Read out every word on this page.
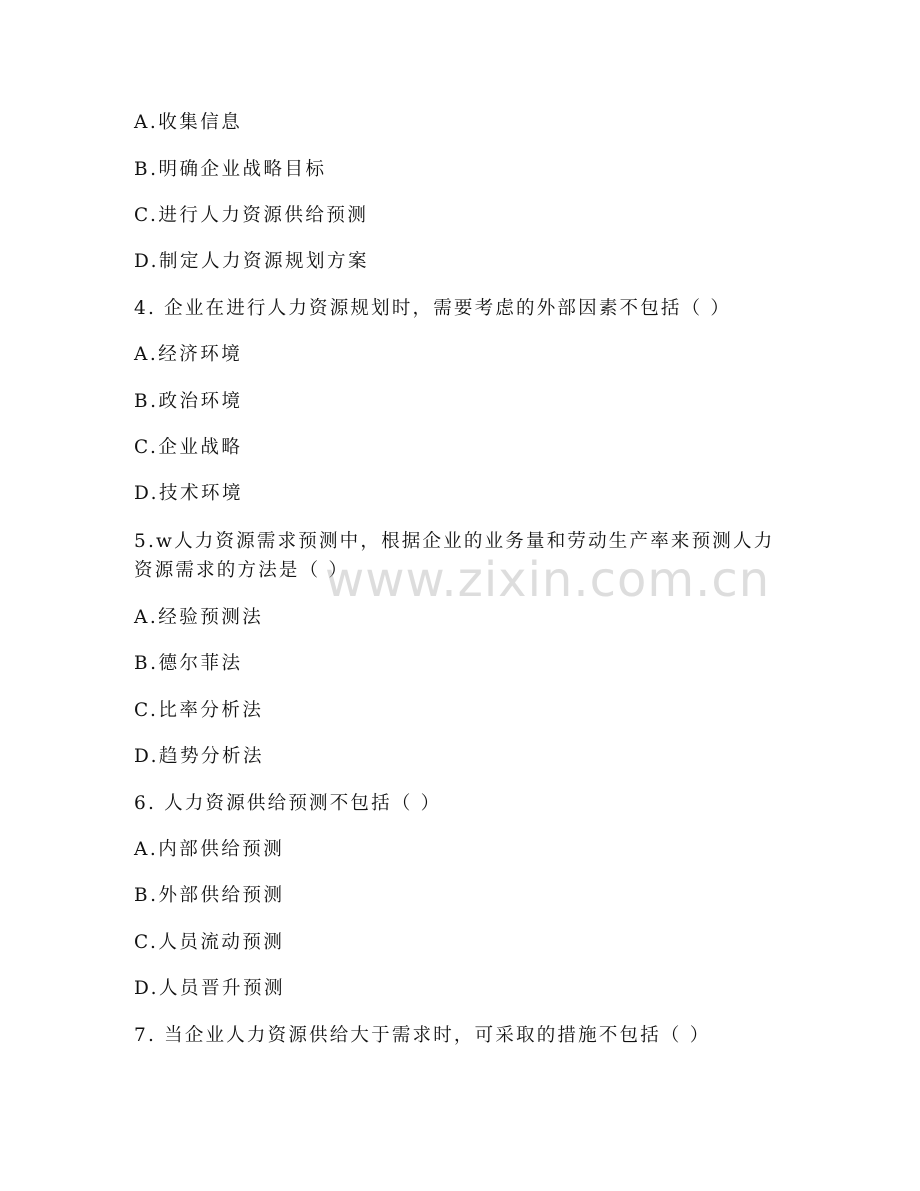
A.收集信息
B.明确企业战略目标
C.进行人力资源供给预测
D.制定人力资源规划方案
4. 企业在进行人力资源规划时，需要考虑的外部因素不包括（ ）
A.经济环境
B.政治环境
C.企业战略
D.技术环境
5.w人力资源需求预测中，根据企业的业务量和劳动生产率来预测人力
资源需求的方法是（ ）
A.经验预测法
B.德尔菲法
C.比率分析法
D.趋势分析法
6. 人力资源供给预测不包括（ ）
A.内部供给预测
B.外部供给预测
C.人员流动预测
D.人员晋升预测
7. 当企业人力资源供给大于需求时，可采取的措施不包括（ ）
www.zixin.com.cn
